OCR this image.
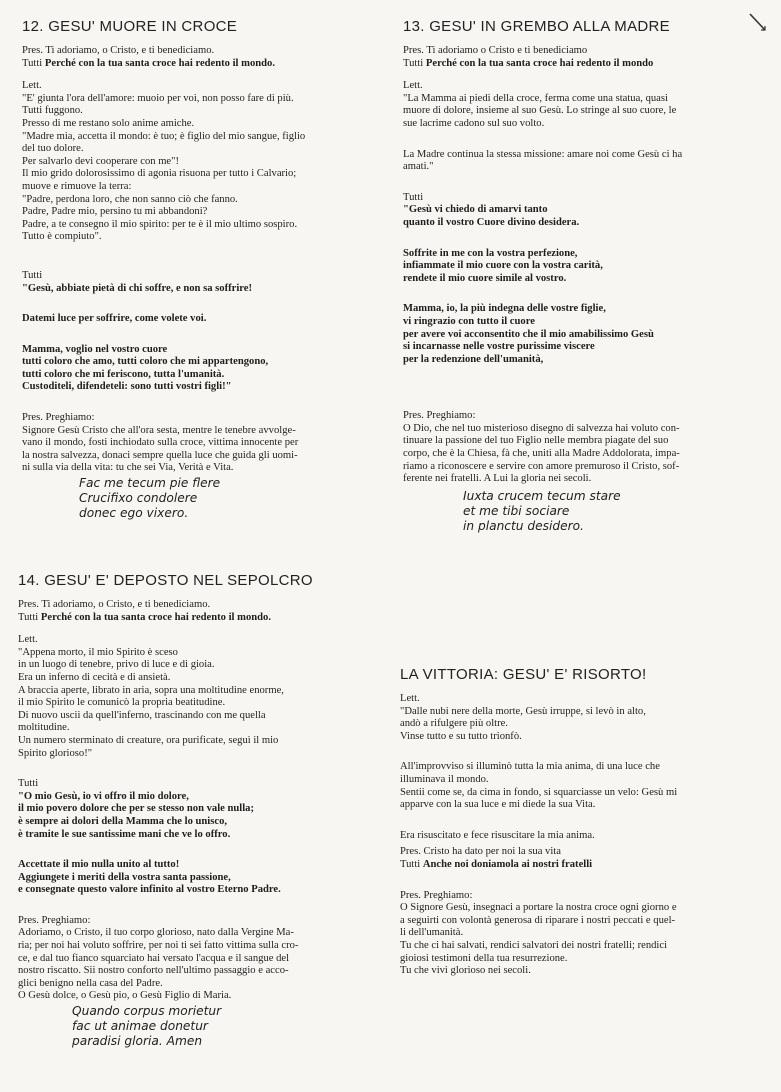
12. GESU' MUORE IN CROCE
Pres. Ti adoriamo, o Cristo, e ti benediciamo.
Tutti Perché con la tua santa croce hai redento il mondo.
Lett.
"E' giunta l'ora dell'amore: muoio per voi, non posso fare di più.
Tutti fuggono.
Presso di me restano solo anime amiche.
"Madre mia, accetta il mondo: è tuo; è figlio del mio sangue, figlio
del tuo dolore.
Per salvarlo devi cooperare con me"!
Il mio grido dolorosissimo di agonia risuona per tutto i Calvario;
muove e rimuove la terra:
"Padre, perdona loro, che non sanno ciò che fanno.
Padre, Padre mio, persino tu mi abbandoni?
Padre, a te consegno il mio spirito: per te è il mio ultimo sospiro.
Tutto è compiuto".
Tutti
"Gesù, abbiate pietà di chi soffre, e non sa soffrire!
Datemi luce per soffrire, come volete voi.
Mamma, voglio nel vostro cuore
tutti coloro che amo, tutti coloro che mi appartengono,
tutti coloro che mi feriscono, tutta l'umanità.
Custoditeli, difendeteli: sono tutti vostri figli!"
Pres. Preghiamo:
Signore Gesù Cristo che all'ora sesta, mentre le tenebre avvolge-
vano il mondo, fosti inchiodato sulla croce, vittima innocente per
la nostra salvezza, donaci sempre quella luce che guida gli uomi-
ni sulla via della vita: tu che sei Via, Verità e Vita.
Fac me tecum pie flere
Crucifixo condolere
donec ego vixero.
13. GESU' IN GREMBO ALLA MADRE
Pres. Ti adoriamo o Cristo e ti benediciamo
Tutti Perché con la tua santa croce hai redento il mondo
Lett.
"La Mamma ai piedi della croce, ferma come una statua, quasi
muore di dolore, insieme al suo Gesù. Lo stringe al suo cuore, le
sue lacrime cadono sul suo volto.
La Madre continua la stessa missione: amare noi come Gesù ci ha
amati."
Tutti
"Gesù vi chiedo di amarvi tanto
quanto il vostro Cuore divino desidera.
Soffrite in me con la vostra perfezione,
infiammate il mio cuore con la vostra carità,
rendete il mio cuore simile al vostro.
Mamma, io, la più indegna delle vostre figlie,
vi ringrazio con tutto il cuore
per avere voi acconsentito che il mio amabilissimo Gesù
si incarnasse nelle vostre purissime viscere
per la redenzione dell'umanità,
Pres. Preghiamo:
O Dio, che nel tuo misterioso disegno di salvezza hai voluto con-
tinuare la passione del tuo Figlio nelle membra piagate del suo
corpo, che è la Chiesa, fà che, uniti alla Madre Addolorata, impa-
riamo a riconoscere e servire con amore premuroso il Cristo, sof-
ferente nei fratelli. A Lui la gloria nei secoli.
Iuxta crucem tecum stare
et me tibi sociare
in planctu desidero.
14. GESU' E' DEPOSTO NEL SEPOLCRO
Pres. Ti adoriamo, o Cristo, e ti benediciamo.
Tutti Perché con la tua santa croce hai redento il mondo.
Lett.
"Appena morto, il mio Spirito è sceso
in un luogo di tenebre, privo di luce e di gioia.
Era un inferno di cecità e di ansietà.
A braccia aperte, librato in aria, sopra una moltitudine enorme,
il mio Spirito le comunicò la propria beatitudine.
Di nuovo uscii da quell'inferno, trascinando con me quella
moltitudine.
Un numero sterminato di creature, ora purificate, seguì il mio
Spirito glorioso!"
Tutti
"O mio Gesù, io vi offro il mio dolore,
il mio povero dolore che per se stesso non vale nulla;
è sempre ai dolori della Mamma che lo unisco,
è tramite le sue santissime mani che ve lo offro.
Accettate il mio nulla unito al tutto!
Aggiungete i meriti della vostra santa passione,
e consegnate questo valore infinito al vostro Eterno Padre.
Pres. Preghiamo:
Adoriamo, o Cristo, il tuo corpo glorioso, nato dalla Vergine Ma-
ria; per noi hai voluto soffrire, per noi ti sei fatto vittima sulla cro-
ce, e dal tuo fianco squarciato hai versato l'acqua e il sangue del
nostro riscatto. Sii nostro conforto nell'ultimo passaggio e acco-
glici benigno nella casa del Padre.
O Gesù dolce, o Gesù pio, o Gesù Figlio di Maria.
Quando corpus morietur
fac ut animae donetur
paradisi gloria. Amen
LA VITTORIA: GESU' E' RISORTO!
Lett.
"Dalle nubi nere della morte, Gesù irruppe, si levò in alto,
andò a rifulgere più oltre.
Vinse tutto e su tutto trionfò.
All'improvviso si illuminò tutta la mia anima, di una luce che
illuminava il mondo.
Sentii come se, da cima in fondo, si squarciasse un velo: Gesù mi
apparve con la sua luce e mi diede la sua Vita.
Era risuscitato e fece risuscitare la mia anima.
Pres. Cristo ha dato per noi la sua vita
Tutti Anche noi doniamola ai nostri fratelli
Pres. Preghiamo:
O Signore Gesù, insegnaci a portare la nostra croce ogni giorno e
a seguirti con volontà generosa di riparare i nostri peccati e quel-
li dell'umanità.
Tu che ci hai salvati, rendici salvatori dei nostri fratelli; rendici
gioiosi testimoni della tua resurrezione.
Tu che vivi glorioso nei secoli.
